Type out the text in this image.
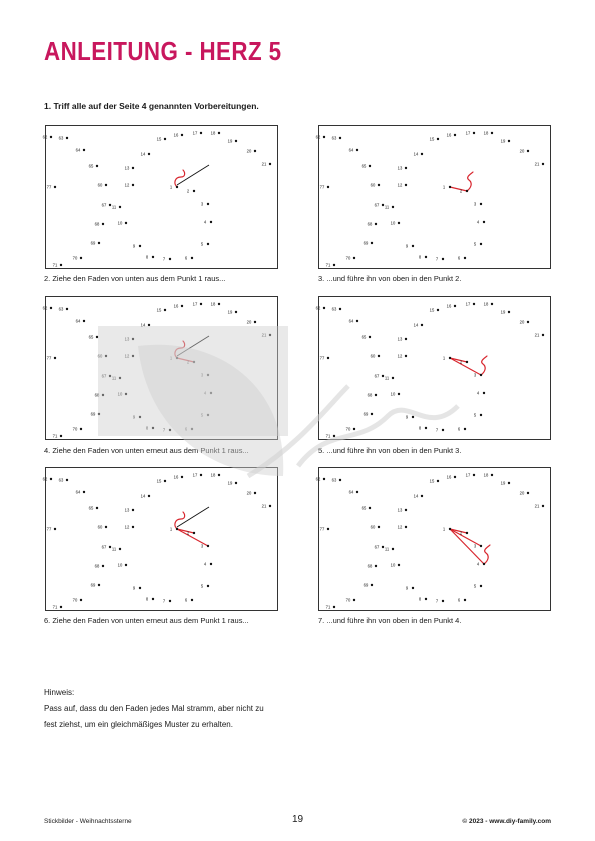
ANLEITUNG - HERZ 5
1. Triff alle auf der Seite 4 genannten Vorbereitungen.
62	63
64
65
77	60
67 11
68
69
70
71
13
14
15
16	17	18
19
20
21
12
10
9
8	7	6
5
4
3
2
1
2. Ziehe den Faden von unten aus dem Punkt 1 raus...
62	63
64
65
77	60
67 11
68
69
70
71
13
14
15
16	17	18
19
20
21
12
10
9
8	7	6
5
4
3
2
1
3. ...und führe ihn von oben in den Punkt 2.
62	63
64
65
77	60
67 11
68
69
70
71
13
14
15
16	17	18
19
20
21
12
10
9
8	7	6
5
4
3
2
1
4. Ziehe den Faden von unten erneut aus dem Punkt 1 raus...
62	63
64
65
77	60
67 11
68
69
70
71
13
14
15
16	17	18
19
20
21
12
10
9
8	7	6
5
4
3
2
1
5. ...und führe ihn von oben in den Punkt 3.
62	63
64
65
77	60
67 11
68
69
70
71
13
14
15
16	17	18
19
20
21
12
10
9
8	7	6
5
4
3
2
1
6. Ziehe den Faden von unten erneut aus dem Punkt 1 raus...
62	63
64
65
77	60
67 11
68
69
70
71
13
14
15
16	17	18
19
20
21
12
10
9
8	7	6
5
4
3
2
1
7. ...und führe ihn von oben in den Punkt 4.
Hinweis:
Pass auf, dass du den Faden jedes Mal stramm, aber nicht zu
fest ziehst, um ein gleichmäßiges Muster zu erhalten.
Stickbilder - Weihnachtssterne	19	© 2023 - www.diy-family.com
